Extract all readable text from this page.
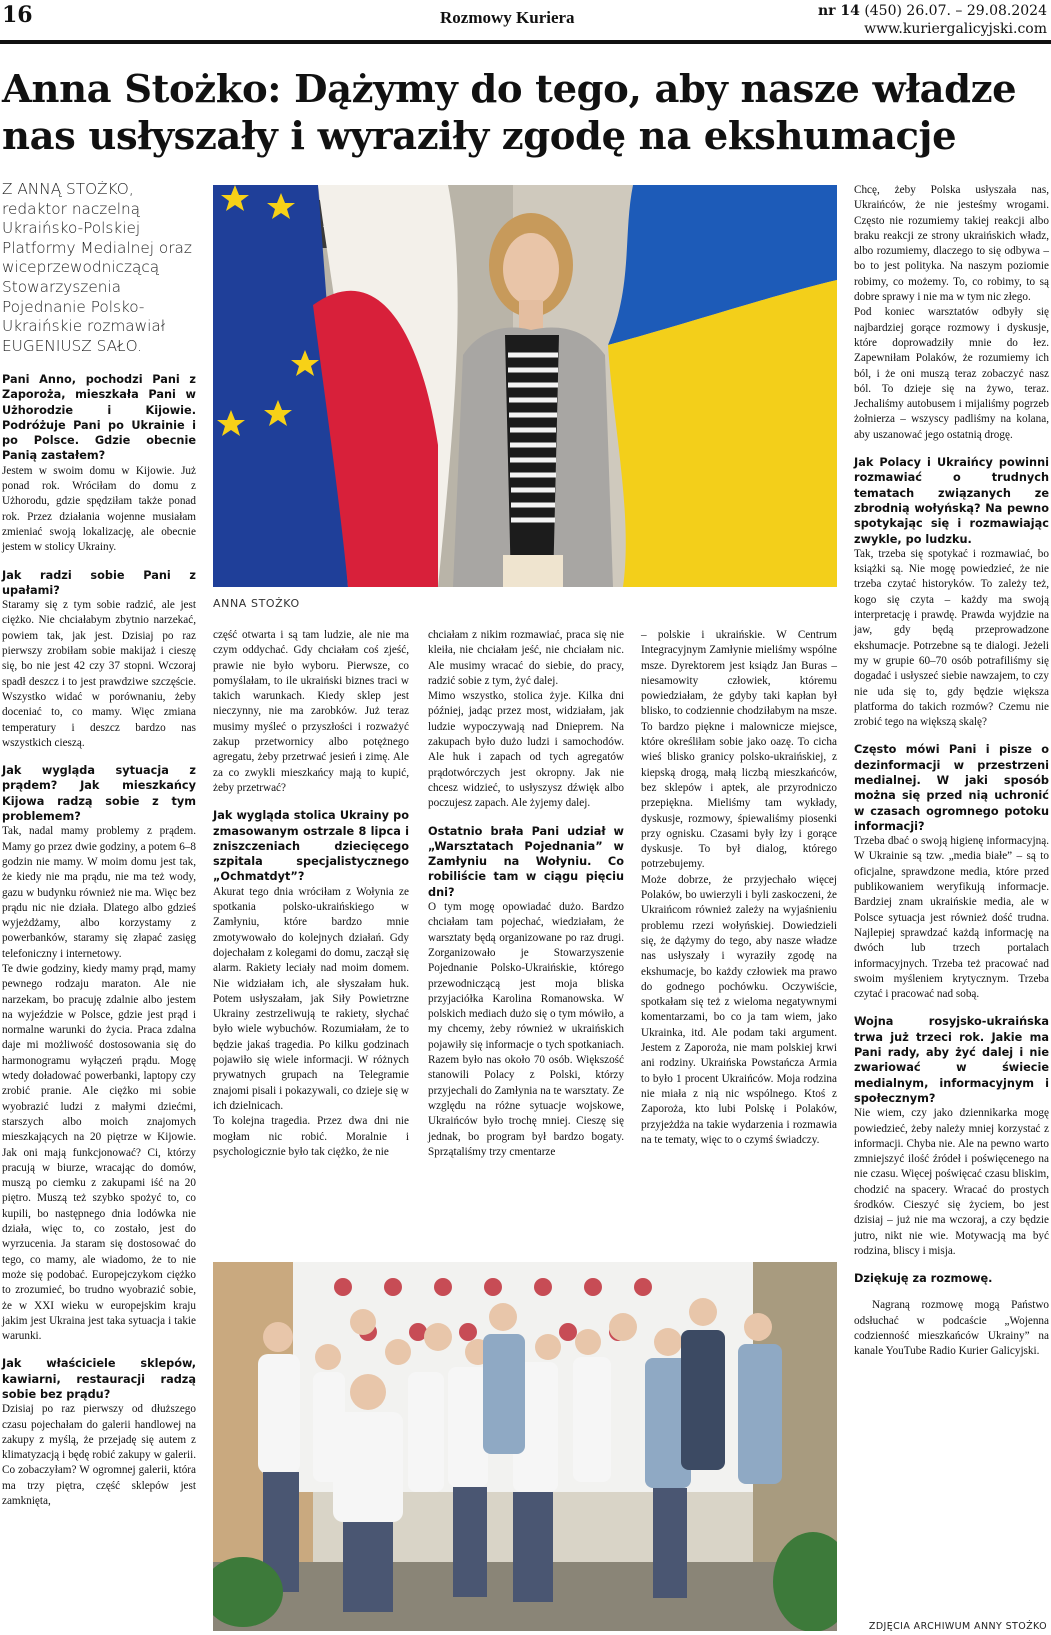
16	Rozmowy Kuriera	nr 14 (450) 26.07. – 29.08.2024
www.kuriergalicyjski.com
Anna Stożko: Dążymy do tego, aby nasze władze
nas usłyszały i wyraziły zgodę na ekshumacje
Z ANNĄ STOŻKO,
redaktor naczelną
Ukraińsko-Polskiej
Platformy Medialnej oraz
wiceprzewodniczącą
Stowarzyszenia
Pojednanie Polsko-
Ukraińskie rozmawiał
EUGENIUSZ SAŁO.
ANNA STOŻKO
ZDJĘCIA ARCHIWUM ANNY STOŻKO

Pani Anno, pochodzi Pani z Zaporoża, mieszkała Pani w Użhorodzie i Kijowie. Podróżuje Pani po Ukrainie i po Polsce. Gdzie obecnie Panią zastałem?

Jestem w swoim domu w Kijowie. Już ponad rok. Wróciłam do domu z Użhorodu, gdzie spędziłam także ponad rok. Przez działania wojenne musiałam zmieniać swoją lokalizację, ale obecnie jestem w stolicy Ukrainy.

Jak radzi sobie Pani z upałami?

Staramy się z tym sobie radzić, ale jest ciężko. Nie chciałabym zbytnio narzekać, powiem tak, jak jest. Dzisiaj po raz pierwszy zrobiłam sobie makijaż i cieszę się, bo nie jest 42 czy 37 stopni. Wczoraj spadł deszcz i to jest prawdziwe szczęście. Wszystko widać w porównaniu, żeby doceniać to, co mamy. Więc zmiana temperatury i deszcz bardzo nas wszystkich cieszą.

Jak wygląda sytuacja z prądem? Jak mieszkańcy Kijowa radzą sobie z tym problemem?

Tak, nadal mamy problemy z prądem. Mamy go przez dwie godziny, a potem 6–8 godzin nie mamy. W moim domu jest tak, że kiedy nie ma prądu, nie ma też wody, gazu w budynku również nie ma. Więc bez prądu nic nie działa. Dlatego albo gdzieś wyjeżdżamy, albo korzystamy z powerbanków, staramy się złapać zasięg telefoniczny i internetowy.

Te dwie godziny, kiedy mamy prąd, mamy pewnego rodzaju maraton. Ale nie narzekam, bo pracuję zdalnie albo jestem na wyjeździe w Polsce, gdzie jest prąd i normalne warunki do życia. Praca zdalna daje mi możliwość dostosowania się do harmonogramu wyłączeń prądu. Mogę wtedy doładować powerbanki, laptopy czy zrobić pranie. Ale ciężko mi sobie wyobrazić ludzi z małymi dziećmi, starszych albo moich znajomych mieszkających na 20 piętrze w Kijowie. Jak oni mają funkcjonować? Ci, którzy pracują w biurze, wracając do domów, muszą po ciemku z zakupami iść na 20 piętro. Muszą też szybko spożyć to, co kupili, bo następnego dnia lodówka nie działa, więc to, co zostało, jest do wyrzucenia. Ja staram się dostosować do tego, co mamy, ale wiadomo, że to nie może się podobać. Europejczykom ciężko to zrozumieć, bo trudno wyobrazić sobie, że w XXI wieku w europejskim kraju jakim jest Ukraina jest taka sytuacja i takie warunki.

Jak właściciele sklepów, kawiarni, restauracji radzą sobie bez prądu?

Dzisiaj po raz pierwszy od dłuższego czasu pojechałam do galerii handlowej na zakupy z myślą, że przejadę się autem z klimatyzacją i będę robić zakupy w galerii. Co zobaczyłam? W ogromnej galerii, która ma trzy piętra, część sklepów jest zamknięta,

część otwarta i są tam ludzie, ale nie ma czym oddychać. Gdy chciałam coś zjeść, prawie nie było wyboru. Pierwsze, co pomyślałam, to ile ukraiński biznes traci w takich warunkach. Kiedy sklep jest nieczynny, nie ma zarobków. Już teraz musimy myśleć o przyszłości i rozważyć zakup przetwornicy albo potężnego agregatu, żeby przetrwać jesień i zimę. Ale za co zwykli mieszkańcy mają to kupić, żeby przetrwać?

Jak wygląda stolica Ukrainy po zmasowanym ostrzale 8 lipca i zniszczeniach dziecięcego szpitala specjalistycznego „Ochmatdyt”?

Akurat tego dnia wróciłam z Wołynia ze spotkania polsko-ukraińskiego w Zamłyniu, które bardzo mnie zmotywowało do kolejnych działań. Gdy dojechałam z kolegami do domu, zaczął się alarm. Rakiety leciały nad moim domem. Nie widziałam ich, ale słyszałam huk. Potem usłyszałam, jak Siły Powietrzne Ukrainy zestrzeliwują te rakiety, słychać było wiele wybuchów. Rozumiałam, że to będzie jakaś tragedia. Po kilku godzinach pojawiło się wiele informacji. W różnych prywatnych grupach na Telegramie znajomi pisali i pokazywali, co dzieje się w ich dzielnicach.

To kolejna tragedia. Przez dwa dni nie mogłam nic robić. Moralnie i psychologicznie było tak ciężko, że nie

chciałam z nikim rozmawiać, praca się nie kleiła, nie chciałam jeść, nie chciałam nic. Ale musimy wracać do siebie, do pracy, radzić sobie z tym, żyć dalej.

Mimo wszystko, stolica żyje. Kilka dni później, jadąc przez most, widziałam, jak ludzie wypoczywają nad Dnieprem. Na zakupach było dużo ludzi i samochodów. Ale huk i zapach od tych agregatów prądotwórczych jest okropny. Jak nie chcesz widzieć, to usłyszysz dźwięk albo poczujesz zapach. Ale żyjemy dalej.

Ostatnio brała Pani udział w „Warsztatach Pojednania” w Zamłyniu na Wołyniu. Co robiliście tam w ciągu pięciu dni?

O tym mogę opowiadać dużo. Bardzo chciałam tam pojechać, wiedziałam, że warsztaty będą organizowane po raz drugi. Zorganizowało je Stowarzyszenie Pojednanie Polsko-Ukraińskie, którego przewodniczącą jest moja bliska przyjaciółka Karolina Romanowska. W polskich mediach dużo się o tym mówiło, a my chcemy, żeby również w ukraińskich pojawiły się informacje o tych spotkaniach. Razem było nas około 70 osób. Większość stanowili Polacy z Polski, którzy przyjechali do Zamłynia na te warsztaty. Ze względu na różne sytuacje wojskowe, Ukraińców było trochę mniej. Cieszę się jednak, bo program był bardzo bogaty. Sprzątaliśmy trzy cmentarze

– polskie i ukraińskie. W Centrum Integracyjnym Zamłynie mieliśmy wspólne msze. Dyrektorem jest ksiądz Jan Buras – niesamowity człowiek, któremu powiedziałam, że gdyby taki kapłan był blisko, to codziennie chodziłabym na msze. To bardzo piękne i malownicze miejsce, które określiłam sobie jako oazę. To cicha wieś blisko granicy polsko-ukraińskiej, z kiepską drogą, małą liczbą mieszkańców, bez sklepów i aptek, ale przyrodniczo przepiękna. Mieliśmy tam wykłady, dyskusje, rozmowy, śpiewaliśmy piosenki przy ognisku. Czasami były łzy i gorące dyskusje. To był dialog, którego potrzebujemy.

Może dobrze, że przyjechało więcej Polaków, bo uwierzyli i byli zaskoczeni, że Ukraińcom również zależy na wyjaśnieniu problemu rzezi wołyńskiej. Dowiedzieli się, że dążymy do tego, aby nasze władze nas usłyszały i wyraziły zgodę na ekshumacje, bo każdy człowiek ma prawo do godnego pochówku. Oczywiście, spotkałam się też z wieloma negatywnymi komentarzami, bo co ja tam wiem, jako Ukrainka, itd. Ale podam taki argument. Jestem z Zaporoża, nie mam polskiej krwi ani rodziny. Ukraińska Powstańcza Armia to było 1 procent Ukraińców. Moja rodzina nie miała z nią nic wspólnego. Ktoś z Zaporoża, kto lubi Polskę i Polaków, przyjeżdża na takie wydarzenia i rozmawia na te tematy, więc to o czymś świadczy.

Chcę, żeby Polska usłyszała nas, Ukraińców, że nie jesteśmy wrogami. Często nie rozumiemy takiej reakcji albo braku reakcji ze strony ukraińskich władz, albo rozumiemy, dlaczego to się odbywa – bo to jest polityka. Na naszym poziomie robimy, co możemy. To, co robimy, to są dobre sprawy i nie ma w tym nic złego.

Pod koniec warsztatów odbyły się najbardziej gorące rozmowy i dyskusje, które doprowadziły mnie do łez. Zapewniłam Polaków, że rozumiemy ich ból, i że oni muszą teraz zobaczyć nasz ból. To dzieje się na żywo, teraz. Jechaliśmy autobusem i mijaliśmy pogrzeb żołnierza – wszyscy padliśmy na kolana, aby uszanować jego ostatnią drogę.

Jak Polacy i Ukraińcy powinni rozmawiać o trudnych tematach związanych ze zbrodnią wołyńską? Na pewno spotykając się i rozmawiając zwykle, po ludzku.

Tak, trzeba się spotykać i rozmawiać, bo książki są. Nie mogę powiedzieć, że nie trzeba czytać historyków. To zależy też, kogo się czyta – każdy ma swoją interpretację i prawdę. Prawda wyjdzie na jaw, gdy będą przeprowadzone ekshumacje. Potrzebne są te dialogi. Jeżeli my w grupie 60–70 osób potrafiliśmy się dogadać i usłyszeć siebie nawzajem, to czy nie uda się to, gdy będzie większa platforma do takich rozmów? Czemu nie zrobić tego na większą skalę?

Często mówi Pani i pisze o dezinformacji w przestrzeni medialnej. W jaki sposób można się przed nią uchronić w czasach ogromnego potoku informacji?

Trzeba dbać o swoją higienę informacyjną. W Ukrainie są tzw. „media białe” – są to oficjalne, sprawdzone media, które przed publikowaniem weryfikują informacje. Bardziej znam ukraińskie media, ale w Polsce sytuacja jest również dość trudna. Najlepiej sprawdzać każdą informację na dwóch lub trzech portalach informacyjnych. Trzeba też pracować nad swoim myśleniem krytycznym. Trzeba czytać i pracować nad sobą.

Wojna rosyjsko-ukraińska trwa już trzeci rok. Jakie ma Pani rady, aby żyć dalej i nie zwariować w świecie medialnym, informacyjnym i społecznym?

Nie wiem, czy jako dziennikarka mogę powiedzieć, żeby należy mniej korzystać z informacji. Chyba nie. Ale na pewno warto zmniejszyć ilość źródeł i poświęcenego na nie czasu. Więcej poświęcać czasu bliskim, chodzić na spacery. Wracać do prostych środków. Cieszyć się życiem, bo jest dzisiaj – już nie ma wczoraj, a czy będzie jutro, nikt nie wie. Motywacją ma być rodzina, bliscy i misja.

Dziękuję za rozmowę.

Nagraną rozmowę mogą Państwo odsłuchać w podcaście „Wojenna codzienność mieszkańców Ukrainy” na kanale YouTube Radio Kurier Galicyjski.
